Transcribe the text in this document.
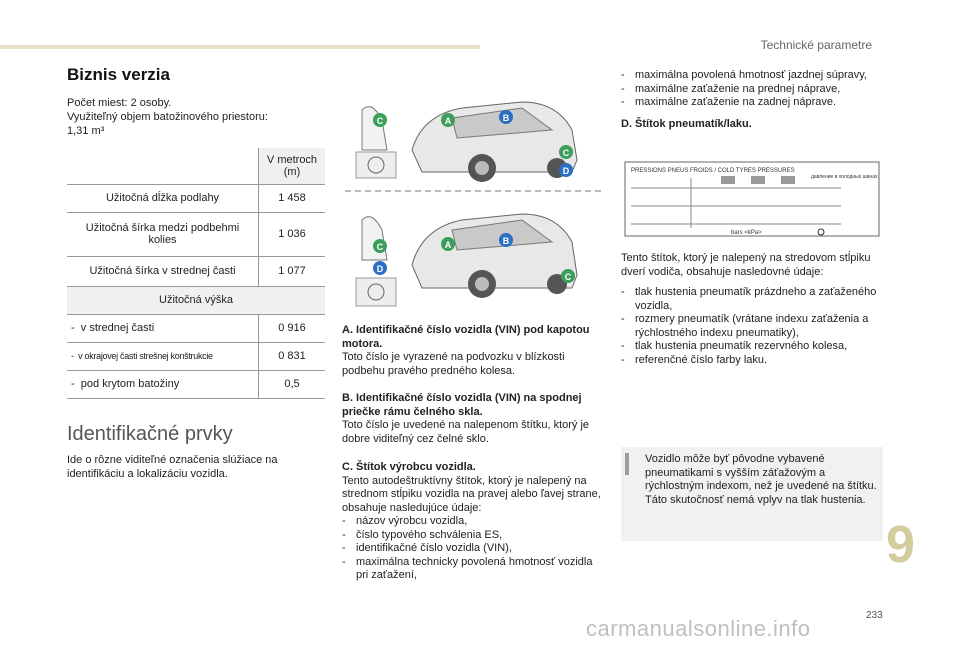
Technické parametre
Biznis verzia

Počet miest: 2 osoby.

Využiteľný objem batožinového priestoru:

1,31 m³

	V metroch (m)
Užitočná dĺžka podlahy	1 458
Užitočná šírka medzi podbehmi kolies	1 036
Užitočná šírka v strednej časti	1 077
Užitočná výška	
-  v strednej časti	0 916
-  v okrajovej časti strešnej konštrukcie	0 831
-  pod krytom batožiny	0,5
Identifikačné prvky
Ide o rôzne viditeľné označenia slúžiace na identifikáciu a lokalizáciu vozidla.
C	A	B
C
D
C
D
A	B
C
A. Identifikačné číslo vozidla (VIN) pod kapotou motora.
Toto číslo je vyrazené na podvozku v blízkosti podbehu pravého predného kolesa.
B. Identifikačné číslo vozidla (VIN) na spodnej priečke rámu čelného skla.
Toto číslo je uvedené na nalepenom štítku, ktorý je dobre viditeľný cez čelné sklo.
C. Štítok výrobcu vozidla.
Tento autodeštruktívny štítok, ktorý je nalepený na strednom stĺpiku vozidla na pravej alebo ľavej strane, obsahuje nasledujúce údaje:
- názov výrobcu vozidla,
- číslo typového schválenia ES,
- identifikačné číslo vozidla (VIN),
- maximálna technicky povolená hmotnosť vozidla pri zaťažení,
- maximálna povolená hmotnosť jazdnej súpravy,
- maximálne zaťaženie na prednej nápravе,
- maximálne zaťaženie na zadnej nápravе.
D. Štítok pneumatík/laku.
PRESSIONS PNEUS FROIDS / COLD TYRES PRESSURES
давление в холодных шинах
bars <kPa>
Tento štítok, ktorý je nalepený na stredovom stĺpiku dverí vodiča, obsahuje nasledovné údaje:
- tlak hustenia pneumatík prázdneho a zaťaženého vozidla,
- rozmery pneumatík (vrátane indexu zaťaženia a rýchlostného indexu pneumatiky),
- tlak hustenia pneumatík rezervného kolesa,
- referenčné číslo farby laku.
Vozidlo môže byť pôvodne vybavené pneumatikami s vyšším záťažovým a rýchlostným indexom, než je uvedené na štítku. Táto skutočnosť nemá vplyv na tlak hustenia.
9
233
carmanualsonline.info
